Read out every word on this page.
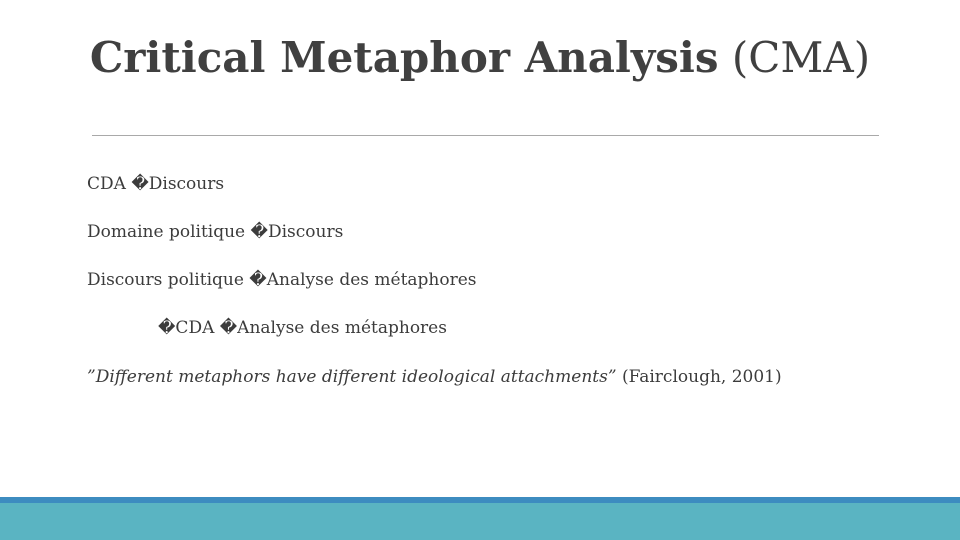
Critical Metaphor Analysis (CMA)
CDA �Discours
Domaine politique �Discours
Discours politique �Analyse des métaphores
�CDA �Analyse des métaphores
”Different metaphors have different ideological attachments” (Fairclough, 2001)
